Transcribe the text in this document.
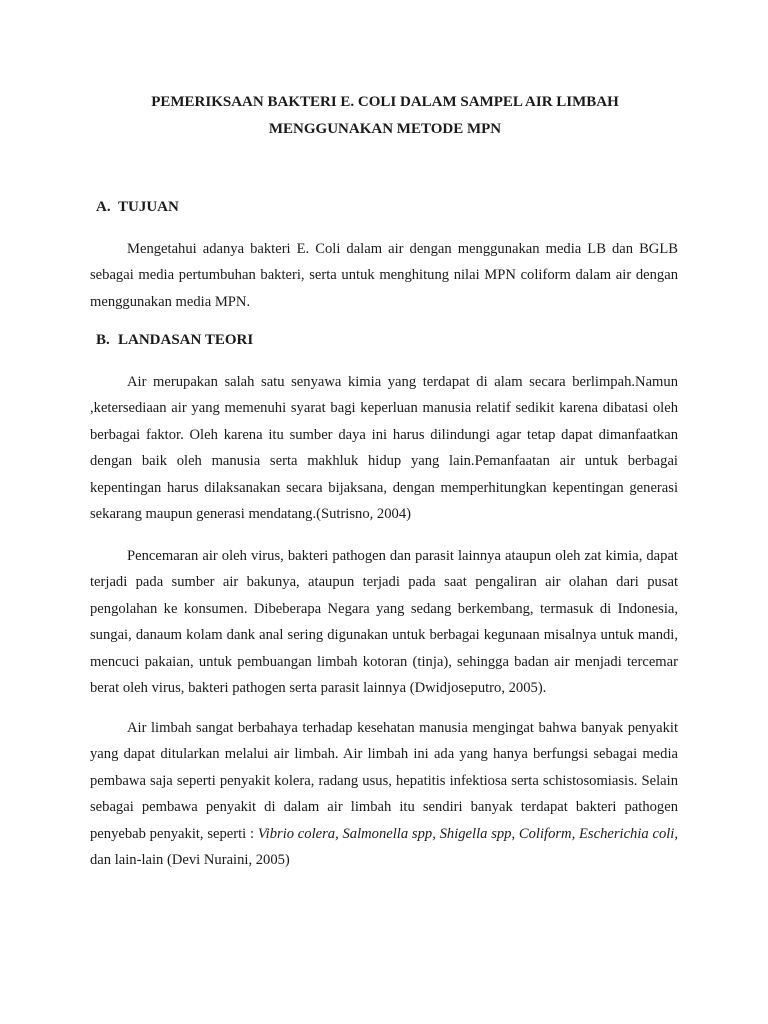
PEMERIKSAAN BAKTERI E. COLI DALAM SAMPEL AIR LIMBAH
MENGGUNAKAN METODE MPN
A. TUJUAN

Mengetahui adanya bakteri E. Coli dalam air dengan menggunakan media LB dan BGLB sebagai media pertumbuhan bakteri, serta untuk menghitung nilai MPN coliform dalam air dengan menggunakan media MPN.

B. LANDASAN TEORI

Air merupakan salah satu senyawa kimia yang terdapat di alam secara berlimpah.Namun ,ketersediaan air yang memenuhi syarat bagi keperluan manusia relatif sedikit karena dibatasi oleh berbagai faktor. Oleh karena itu sumber daya ini harus dilindungi agar tetap dapat dimanfaatkan dengan baik oleh manusia serta makhluk hidup yang lain.Pemanfaatan air untuk berbagai kepentingan harus dilaksanakan secara bijaksana, dengan memperhitungkan kepentingan generasi sekarang maupun generasi mendatang.(Sutrisno, 2004)

Pencemaran air oleh virus, bakteri pathogen dan parasit lainnya ataupun oleh zat kimia, dapat terjadi pada sumber air bakunya, ataupun terjadi pada saat pengaliran air olahan dari pusat pengolahan ke konsumen. Dibeberapa Negara yang sedang berkembang, termasuk di Indonesia, sungai, danaum kolam dank anal sering digunakan untuk berbagai kegunaan misalnya untuk mandi, mencuci pakaian, untuk pembuangan limbah kotoran (tinja), sehingga badan air menjadi tercemar berat oleh virus, bakteri pathogen serta parasit lainnya (Dwidjoseputro, 2005).

Air limbah sangat berbahaya terhadap kesehatan manusia mengingat bahwa banyak penyakit yang dapat ditularkan melalui air limbah. Air limbah ini ada yang hanya berfungsi sebagai media pembawa saja seperti penyakit kolera, radang usus, hepatitis infektiosa serta schistosomiasis. Selain sebagai pembawa penyakit di dalam air limbah itu sendiri banyak terdapat bakteri pathogen penyebab penyakit, seperti : Vibrio colera, Salmonella spp, Shigella spp, Coliform, Escherichia coli, dan lain-lain (Devi Nuraini, 2005)
